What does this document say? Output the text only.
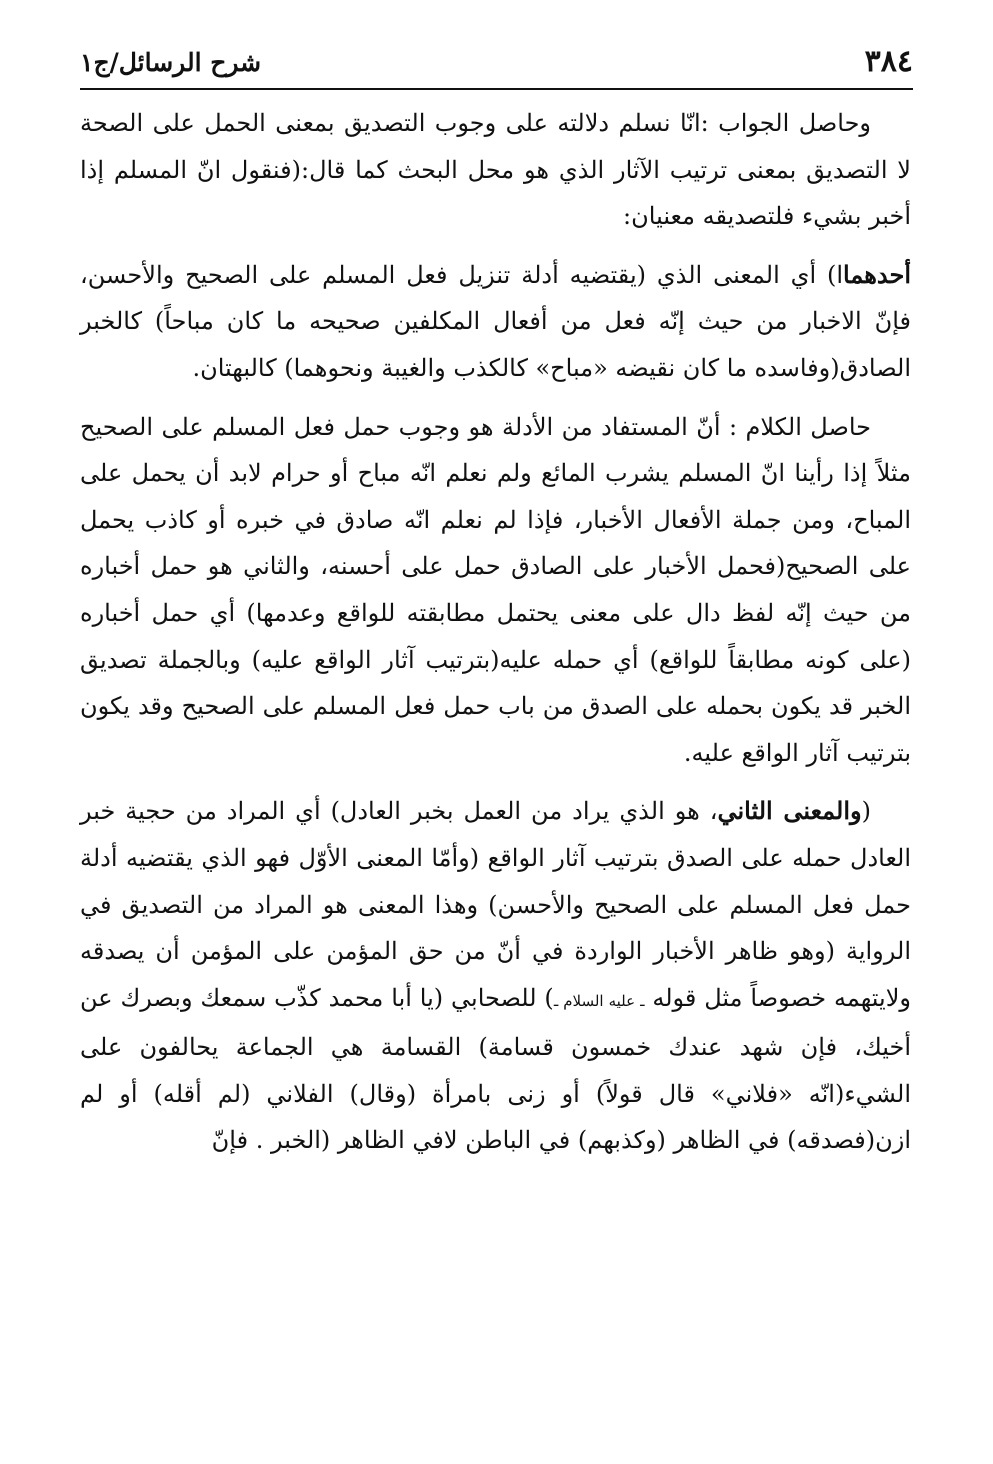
٣٨٤
شرح الرسائل/ج١

وحاصل الجواب :انّا نسلم دلالته على وجوب التصديق بمعنى الحمل على الصحة لا التصديق بمعنى ترتيب الآثار الذي هو محل البحث كما قال:(فنقول انّ المسلم إذا أخبر بشيء فلتصديقه معنيان:

أحدهماا) أي المعنى الذي (يقتضيه أدلة تنزيل فعل المسلم على الصحيح والأحسن، فإنّ الاخبار من حيث إنّه فعل من أفعال المكلفين صحيحه ما كان مباحاً) كالخبر الصادق(وفاسده ما كان نقيضه «مباح» كالكذب والغيبة ونحوهما) كالبهتان.

حاصل الكلام : أنّ المستفاد من الأدلة هو وجوب حمل فعل المسلم على الصحيح مثلاً إذا رأينا انّ المسلم يشرب المائع ولم نعلم انّه مباح أو حرام لابد أن يحمل على المباح، ومن جملة الأفعال الأخبار، فإذا لم نعلم انّه صادق في خبره أو كاذب يحمل على الصحيح(فحمل الأخبار على الصادق حمل على أحسنه، والثاني هو حمل أخباره من حيث إنّه لفظ دال على معنى يحتمل مطابقته للواقع وعدمها) أي حمل أخباره (على كونه مطابقاً للواقع) أي حمله عليه(بترتيب آثار الواقع عليه) وبالجملة تصديق الخبر قد يكون بحمله على الصدق من باب حمل فعل المسلم على الصحيح وقد يكون بترتيب آثار الواقع عليه.

(والمعنى الثاني، هو الذي يراد من العمل بخبر العادل) أي المراد من حجية خبر العادل حمله على الصدق بترتيب آثار الواقع (وأمّا المعنى الأوّل فهو الذي يقتضيه أدلة حمل فعل المسلم على الصحيح والأحسن) وهذا المعنى هو المراد من التصديق في الرواية (وهو ظاهر الأخبار الواردة في أنّ من حق المؤمن على المؤمن أن يصدقه ولايتهمه خصوصاً مثل قوله ـ عليه السلام ـ) للصحابي (يا أبا محمد كذّب سمعك وبصرك عن أخيك، فإن شهد عندك خمسون قسامة) القسامة هي الجماعة يحالفون على الشيء(انّه «فلاني» قال قولاً) أو زنى بامرأة (وقال) الفلاني (لم أقله) أو لم ازن(فصدقه) في الظاهر (وكذبهم) في الباطن لافي الظاهر (الخبر . فإنّ
